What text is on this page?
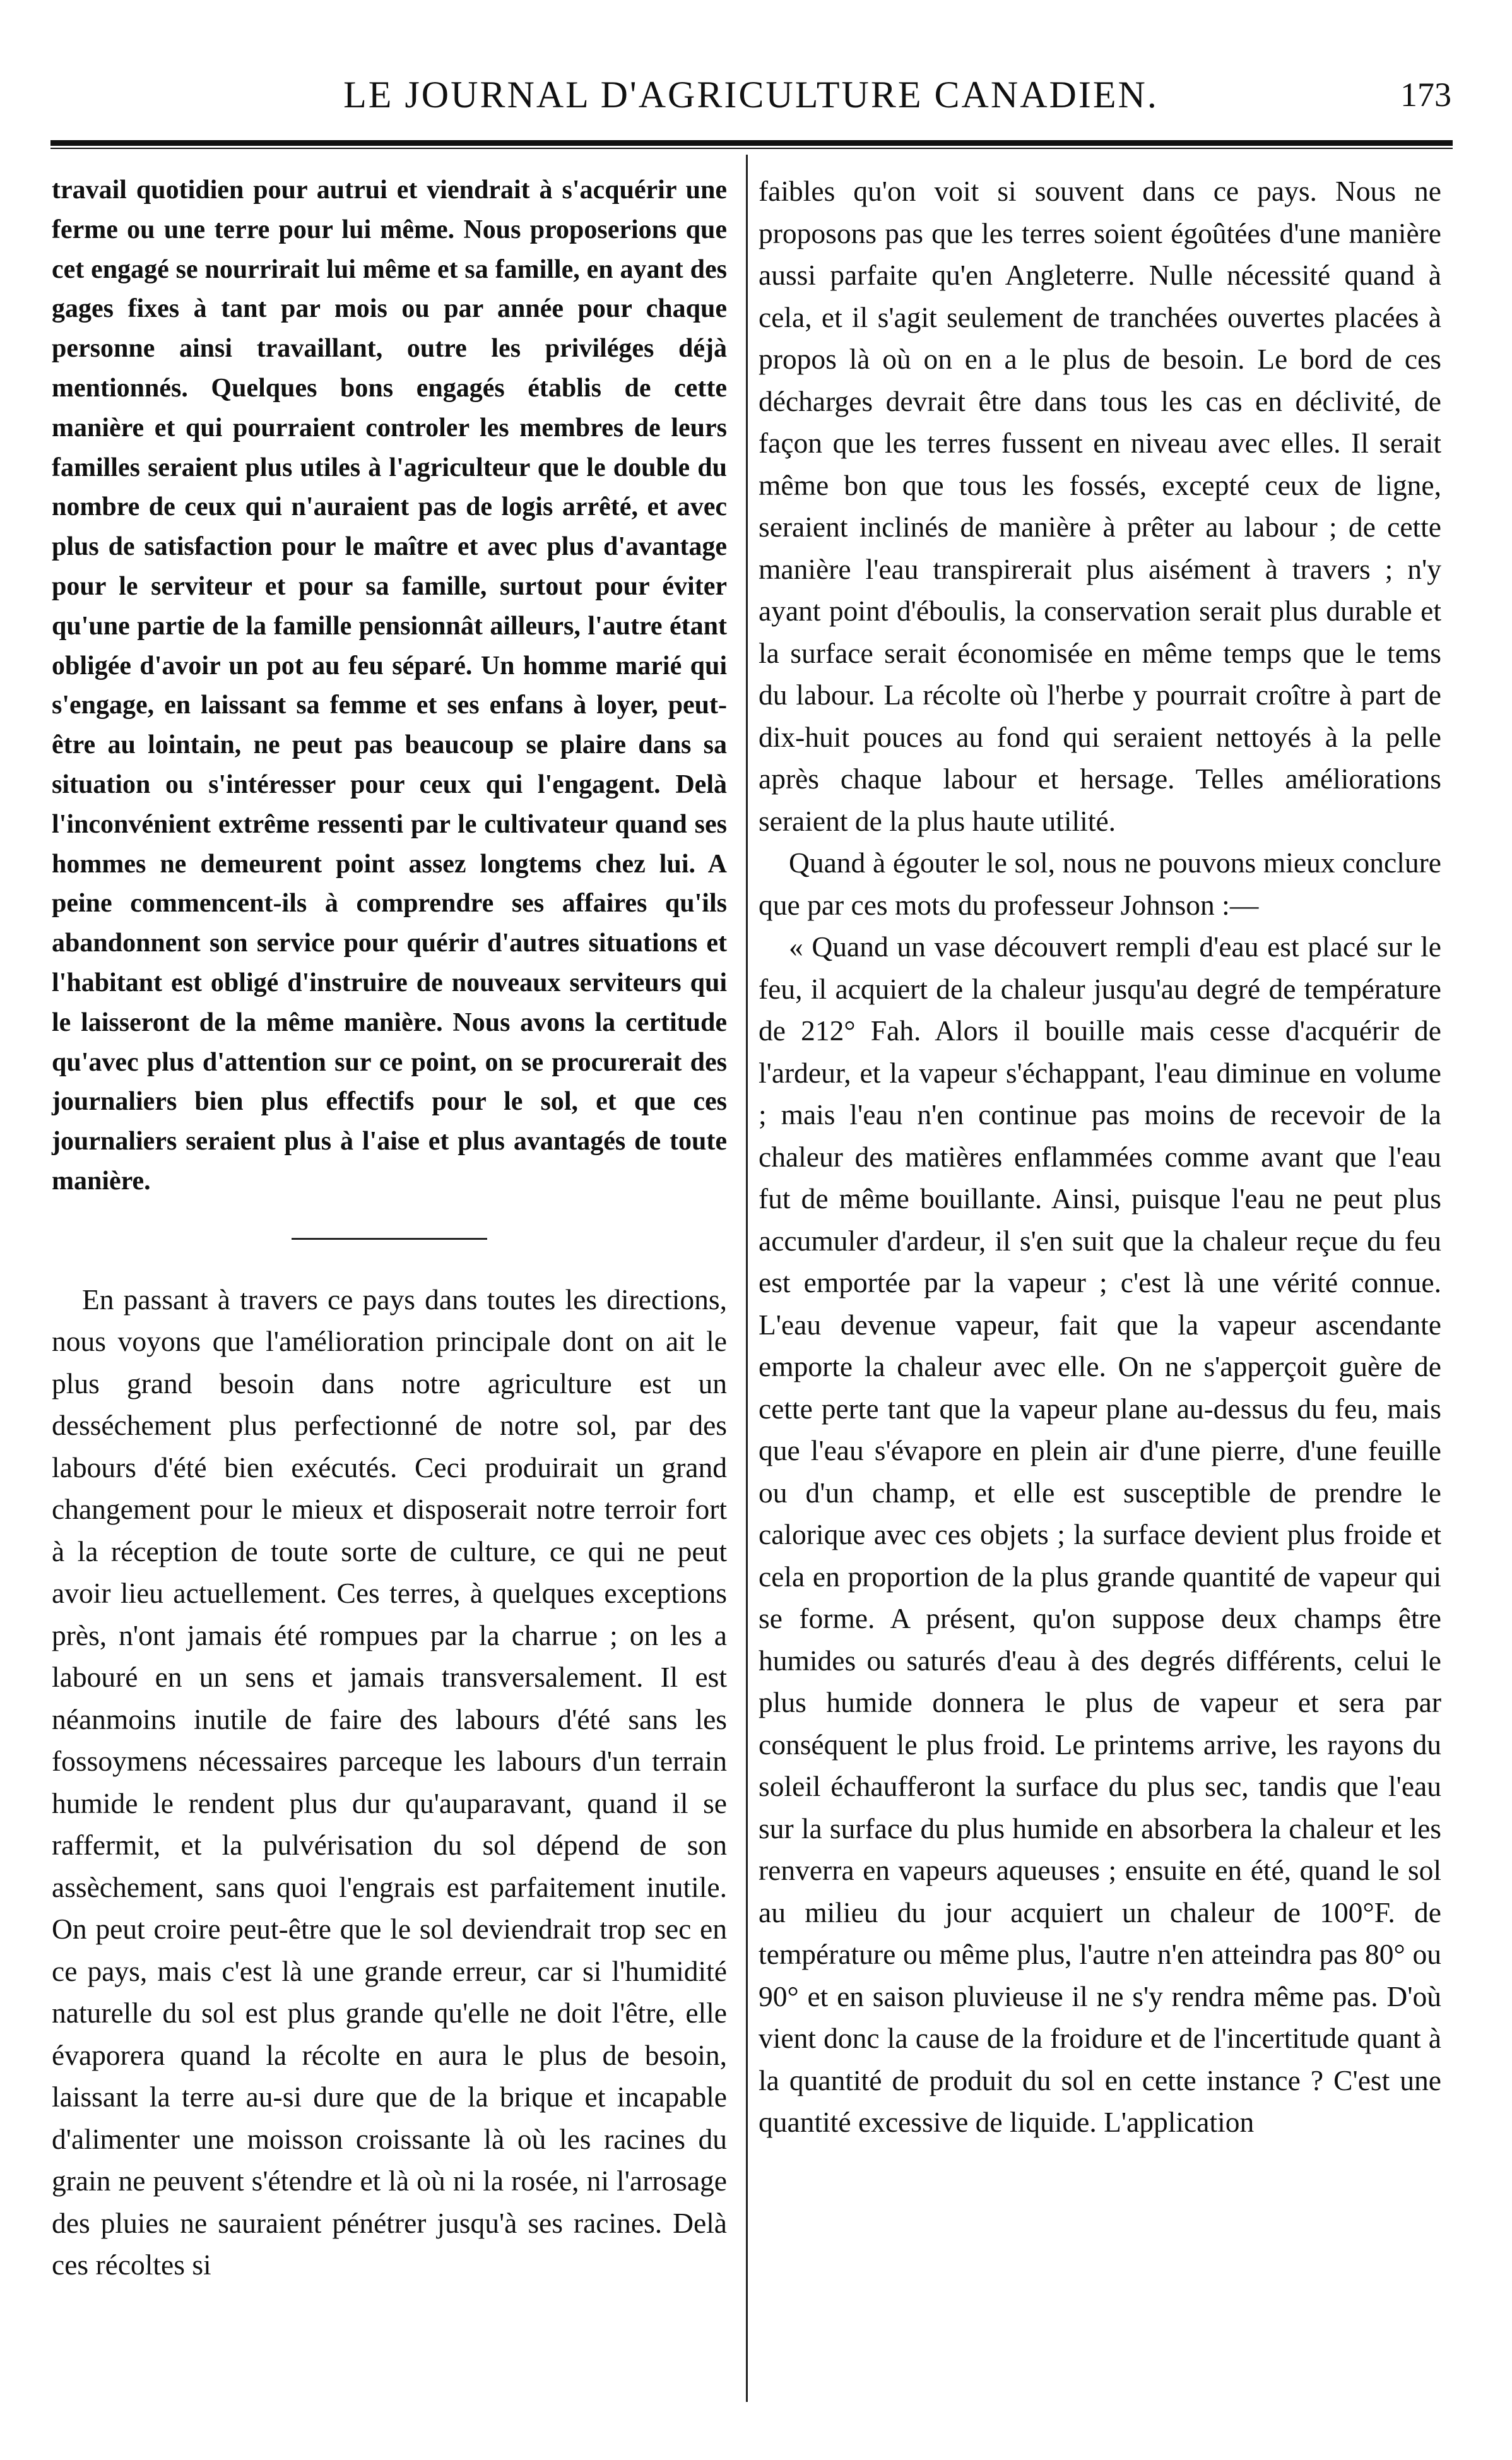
LE JOURNAL D'AGRICULTURE CANADIEN.	173

travail quotidien pour autrui et viendrait à s'acquérir une ferme ou une terre pour lui même. Nous proposerions que cet engagé se nourrirait lui même et sa famille, en ayant des gages fixes à tant par mois ou par année pour chaque personne ainsi travaillant, outre les priviléges déjà mentionnés. Quelques bons engagés établis de cette manière et qui pourraient controler les membres de leurs familles seraient plus utiles à l'agriculteur que le double du nombre de ceux qui n'auraient pas de logis arrêté, et avec plus de satisfaction pour le maître et avec plus d'avantage pour le serviteur et pour sa famille, surtout pour éviter qu'une partie de la famille pensionnât ailleurs, l'autre étant obligée d'avoir un pot au feu séparé. Un homme marié qui s'engage, en laissant sa femme et ses enfans à loyer, peut-être au lointain, ne peut pas beaucoup se plaire dans sa situation ou s'intéresser pour ceux qui l'engagent. Delà l'inconvénient extrême ressenti par le cultivateur quand ses hommes ne demeurent point assez longtems chez lui. A peine commencent-ils à comprendre ses affaires qu'ils abandonnent son service pour quérir d'autres situations et l'habitant est obligé d'instruire de nouveaux serviteurs qui le laisseront de la même manière. Nous avons la certitude qu'avec plus d'attention sur ce point, on se procurerait des journaliers bien plus effectifs pour le sol, et que ces journaliers seraient plus à l'aise et plus avantagés de toute manière.

En passant à travers ce pays dans toutes les directions, nous voyons que l'amélioration principale dont on ait le plus grand besoin dans notre agriculture est un desséchement plus perfectionné de notre sol, par des labours d'été bien exécutés. Ceci produirait un grand changement pour le mieux et disposerait notre terroir fort à la réception de toute sorte de culture, ce qui ne peut avoir lieu actuellement. Ces terres, à quelques exceptions près, n'ont jamais été rompues par la charrue ; on les a labouré en un sens et jamais transversalement. Il est néanmoins inutile de faire des labours d'été sans les fossoymens nécessaires parceque les labours d'un terrain humide le rendent plus dur qu'auparavant, quand il se raffermit, et la pulvérisation du sol dépend de son assèchement, sans quoi l'engrais est parfaitement inutile. On peut croire peut-être que le sol deviendrait trop sec en ce pays, mais c'est là une grande erreur, car si l'humidité naturelle du sol est plus grande qu'elle ne doit l'être, elle évaporera quand la récolte en aura le plus de besoin, laissant la terre au-si dure que de la brique et incapable d'alimenter une moisson croissante là où les racines du grain ne peuvent s'étendre et là où ni la rosée, ni l'arrosage des pluies ne sauraient pénétrer jusqu'à ses racines. Delà ces récoltes si

faibles qu'on voit si souvent dans ce pays. Nous ne proposons pas que les terres soient égoûtées d'une manière aussi parfaite qu'en Angleterre. Nulle nécessité quand à cela, et il s'agit seulement de tranchées ouvertes placées à propos là où on en a le plus de besoin. Le bord de ces décharges devrait être dans tous les cas en déclivité, de façon que les terres fussent en niveau avec elles. Il serait même bon que tous les fossés, excepté ceux de ligne, seraient inclinés de manière à prêter au labour ; de cette manière l'eau transpirerait plus aisément à travers ; n'y ayant point d'éboulis, la conservation serait plus durable et la surface serait économisée en même temps que le tems du labour. La récolte où l'herbe y pourrait croître à part de dix-huit pouces au fond qui seraient nettoyés à la pelle après chaque labour et hersage. Telles améliorations seraient de la plus haute utilité.

Quand à égouter le sol, nous ne pouvons mieux conclure que par ces mots du professeur Johnson :—

« Quand un vase découvert rempli d'eau est placé sur le feu, il acquiert de la chaleur jusqu'au degré de température de 212° Fah. Alors il bouille mais cesse d'acquérir de l'ardeur, et la vapeur s'échappant, l'eau diminue en volume ; mais l'eau n'en continue pas moins de recevoir de la chaleur des matières enflammées comme avant que l'eau fut de même bouillante. Ainsi, puisque l'eau ne peut plus accumuler d'ardeur, il s'en suit que la chaleur reçue du feu est emportée par la vapeur ; c'est là une vérité connue. L'eau devenue vapeur, fait que la vapeur ascendante emporte la chaleur avec elle. On ne s'apperçoit guère de cette perte tant que la vapeur plane au-dessus du feu, mais que l'eau s'évapore en plein air d'une pierre, d'une feuille ou d'un champ, et elle est susceptible de prendre le calorique avec ces objets ; la surface devient plus froide et cela en proportion de la plus grande quantité de vapeur qui se forme. A présent, qu'on suppose deux champs être humides ou saturés d'eau à des degrés différents, celui le plus humide donnera le plus de vapeur et sera par conséquent le plus froid. Le printems arrive, les rayons du soleil échaufferont la surface du plus sec, tandis que l'eau sur la surface du plus humide en absorbera la chaleur et les renverra en vapeurs aqueuses ; ensuite en été, quand le sol au milieu du jour acquiert un chaleur de 100°F. de température ou même plus, l'autre n'en atteindra pas 80° ou 90° et en saison pluvieuse il ne s'y rendra même pas. D'où vient donc la cause de la froidure et de l'incertitude quant à la quantité de produit du sol en cette instance ? C'est une quantité excessive de liquide. L'application
